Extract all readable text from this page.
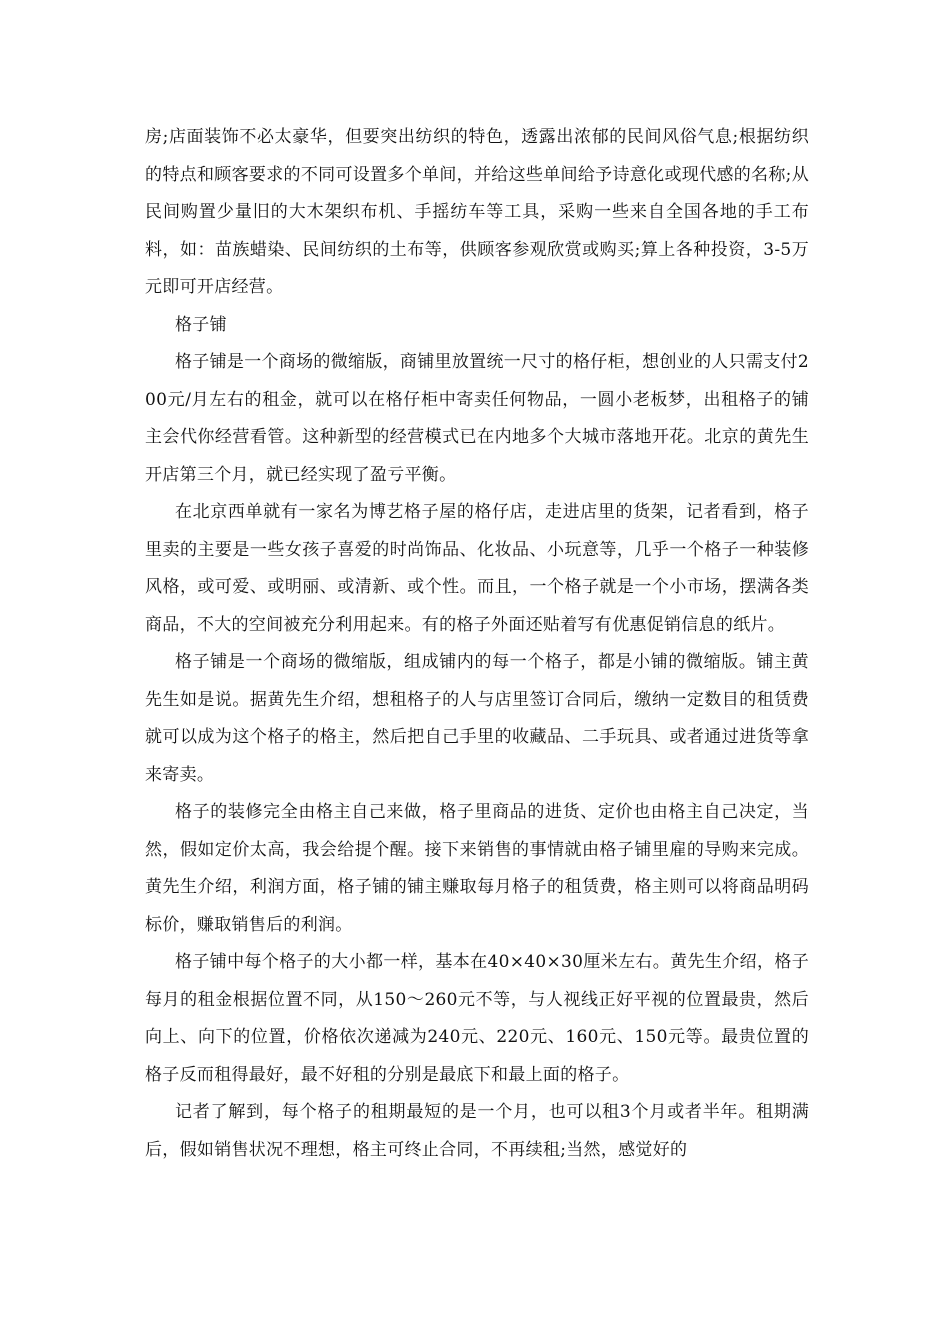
房;店面装饰不必太豪华，但要突出纺织的特色，透露出浓郁的民间风俗气息;根据纺织的特点和顾客要求的不同可设置多个单间，并给这些单间给予诗意化或现代感的名称;从民间购置少量旧的大木架织布机、手摇纺车等工具，采购一些来自全国各地的手工布料，如：苗族蜡染、民间纺织的土布等，供顾客参观欣赏或购买;算上各种投资，3-5万元即可开店经营。

格子铺

格子铺是一个商场的微缩版，商铺里放置统一尺寸的格仔柜，想创业的人只需支付200元/月左右的租金，就可以在格仔柜中寄卖任何物品，一圆小老板梦，出租格子的铺主会代你经营看管。这种新型的经营模式已在内地多个大城市落地开花。北京的黄先生开店第三个月，就已经实现了盈亏平衡。

在北京西单就有一家名为博艺格子屋的格仔店，走进店里的货架，记者看到，格子里卖的主要是一些女孩子喜爱的时尚饰品、化妆品、小玩意等，几乎一个格子一种装修风格，或可爱、或明丽、或清新、或个性。而且，一个格子就是一个小市场，摆满各类商品，不大的空间被充分利用起来。有的格子外面还贴着写有优惠促销信息的纸片。

格子铺是一个商场的微缩版，组成铺内的每一个格子，都是小铺的微缩版。铺主黄先生如是说。据黄先生介绍，想租格子的人与店里签订合同后，缴纳一定数目的租赁费就可以成为这个格子的格主，然后把自己手里的收藏品、二手玩具、或者通过进货等拿来寄卖。

格子的装修完全由格主自己来做，格子里商品的进货、定价也由格主自己决定，当然，假如定价太高，我会给提个醒。接下来销售的事情就由格子铺里雇的导购来完成。黄先生介绍，利润方面，格子铺的铺主赚取每月格子的租赁费，格主则可以将商品明码标价，赚取销售后的利润。

格子铺中每个格子的大小都一样，基本在40×40×30厘米左右。黄先生介绍，格子每月的租金根据位置不同，从150～260元不等，与人视线正好平视的位置最贵，然后向上、向下的位置，价格依次递减为240元、220元、160元、150元等。最贵位置的格子反而租得最好，最不好租的分别是最底下和最上面的格子。

记者了解到，每个格子的租期最短的是一个月，也可以租3个月或者半年。租期满后，假如销售状况不理想，格主可终止合同，不再续租;当然，感觉好的
